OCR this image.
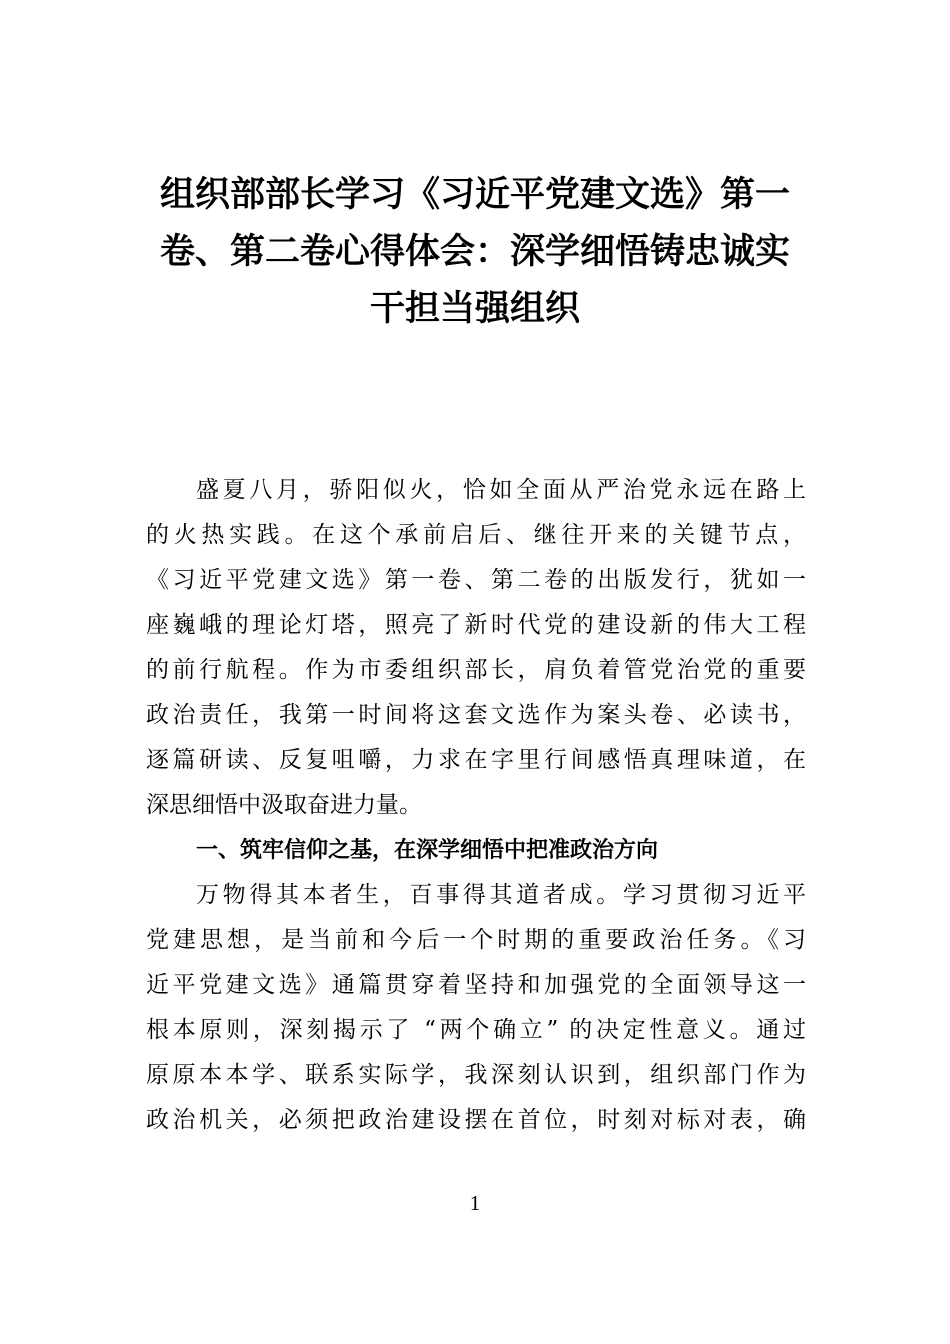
组织部部长学习《习近平党建文选》第一
卷、第二卷心得体会：深学细悟铸忠诚实
干担当强组织
盛夏八月，骄阳似火，恰如全面从严治党永远在路上
的火热实践。在这个承前启后、继往开来的关键节点，
《习近平党建文选》第一卷、第二卷的出版发行，犹如一
座巍峨的理论灯塔，照亮了新时代党的建设新的伟大工程
的前行航程。作为市委组织部长，肩负着管党治党的重要
政治责任，我第一时间将这套文选作为案头卷、必读书，
逐篇研读、反复咀嚼，力求在字里行间感悟真理味道，在
深思细悟中汲取奋进力量。
一、筑牢信仰之基，在深学细悟中把准政治方向
万物得其本者生，百事得其道者成。学习贯彻习近平
党建思想，是当前和今后一个时期的重要政治任务。《习
近平党建文选》通篇贯穿着坚持和加强党的全面领导这一
根本原则，深刻揭示了 “两个确立” 的决定性意义。通过
原原本本学、联系实际学，我深刻认识到，组织部门作为
政治机关，必须把政治建设摆在首位，时刻对标对表，确
1
